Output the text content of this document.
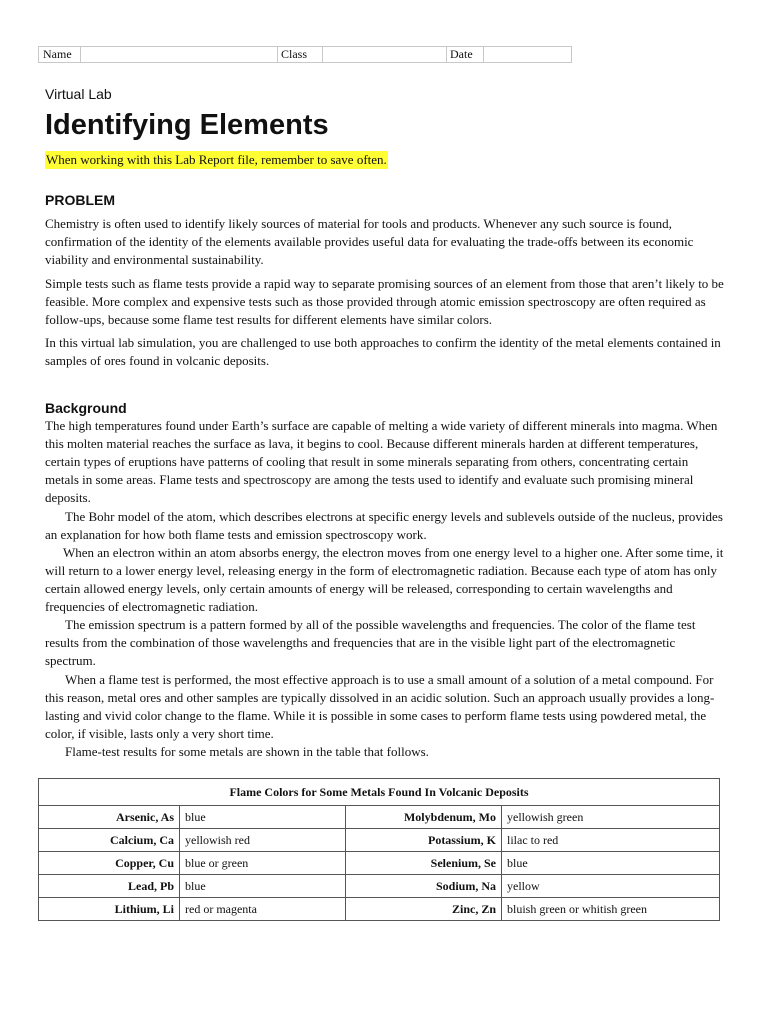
Name	Class	Date
Virtual Lab
Identifying Elements
When working with this Lab Report file, remember to save often.
PROBLEM

Chemistry is often used to identify likely sources of material for tools and products. Whenever any such source is found, confirmation of the identity of the elements available provides useful data for evaluating the trade-offs between its economic viability and environmental sustainability.

Simple tests such as flame tests provide a rapid way to separate promising sources of an element from those that aren’t likely to be feasible. More complex and expensive tests such as those provided through atomic emission spectroscopy are often required as follow-ups, because some flame test results for different elements have similar colors.

In this virtual lab simulation, you are challenged to use both approaches to confirm the identity of the metal elements contained in samples of ores found in volcanic deposits.

Background

The high temperatures found under Earth’s surface are capable of melting a wide variety of different minerals into magma. When this molten material reaches the surface as lava, it begins to cool. Because different minerals harden at different temperatures, certain types of eruptions have patterns of cooling that result in some minerals separating from others, concentrating certain metals in some areas. Flame tests and spectroscopy are among the tests used to identify and evaluate such promising mineral deposits.

The Bohr model of the atom, which describes electrons at specific energy levels and sublevels outside of the nucleus, provides an explanation for how both flame tests and emission spectroscopy work.

When an electron within an atom absorbs energy, the electron moves from one energy level to a higher one. After some time, it will return to a lower energy level, releasing energy in the form of electromagnetic radiation. Because each type of atom has only certain allowed energy levels, only certain amounts of energy will be released, corresponding to certain wavelengths and frequencies of electromagnetic radiation.

The emission spectrum is a pattern formed by all of the possible wavelengths and frequencies. The color of the flame test results from the combination of those wavelengths and frequencies that are in the visible light part of the electromagnetic spectrum.

When a flame test is performed, the most effective approach is to use a small amount of a solution of a metal compound. For this reason, metal ores and other samples are typically dissolved in an acidic solution. Such an approach usually provides a long-lasting and vivid color change to the flame. While it is possible in some cases to perform flame tests using powdered metal, the color, if visible, lasts only a very short time.

Flame-test results for some metals are shown in the table that follows.

Flame Colors for Some Metals Found In Volcanic Deposits			
Arsenic, As	blue	Molybdenum, Mo	yellowish green
Calcium, Ca	yellowish red	Potassium, K	lilac to red
Copper, Cu	blue or green	Selenium, Se	blue
Lead, Pb	blue	Sodium, Na	yellow
Lithium, Li	red or magenta	Zinc, Zn	bluish green or whitish green
